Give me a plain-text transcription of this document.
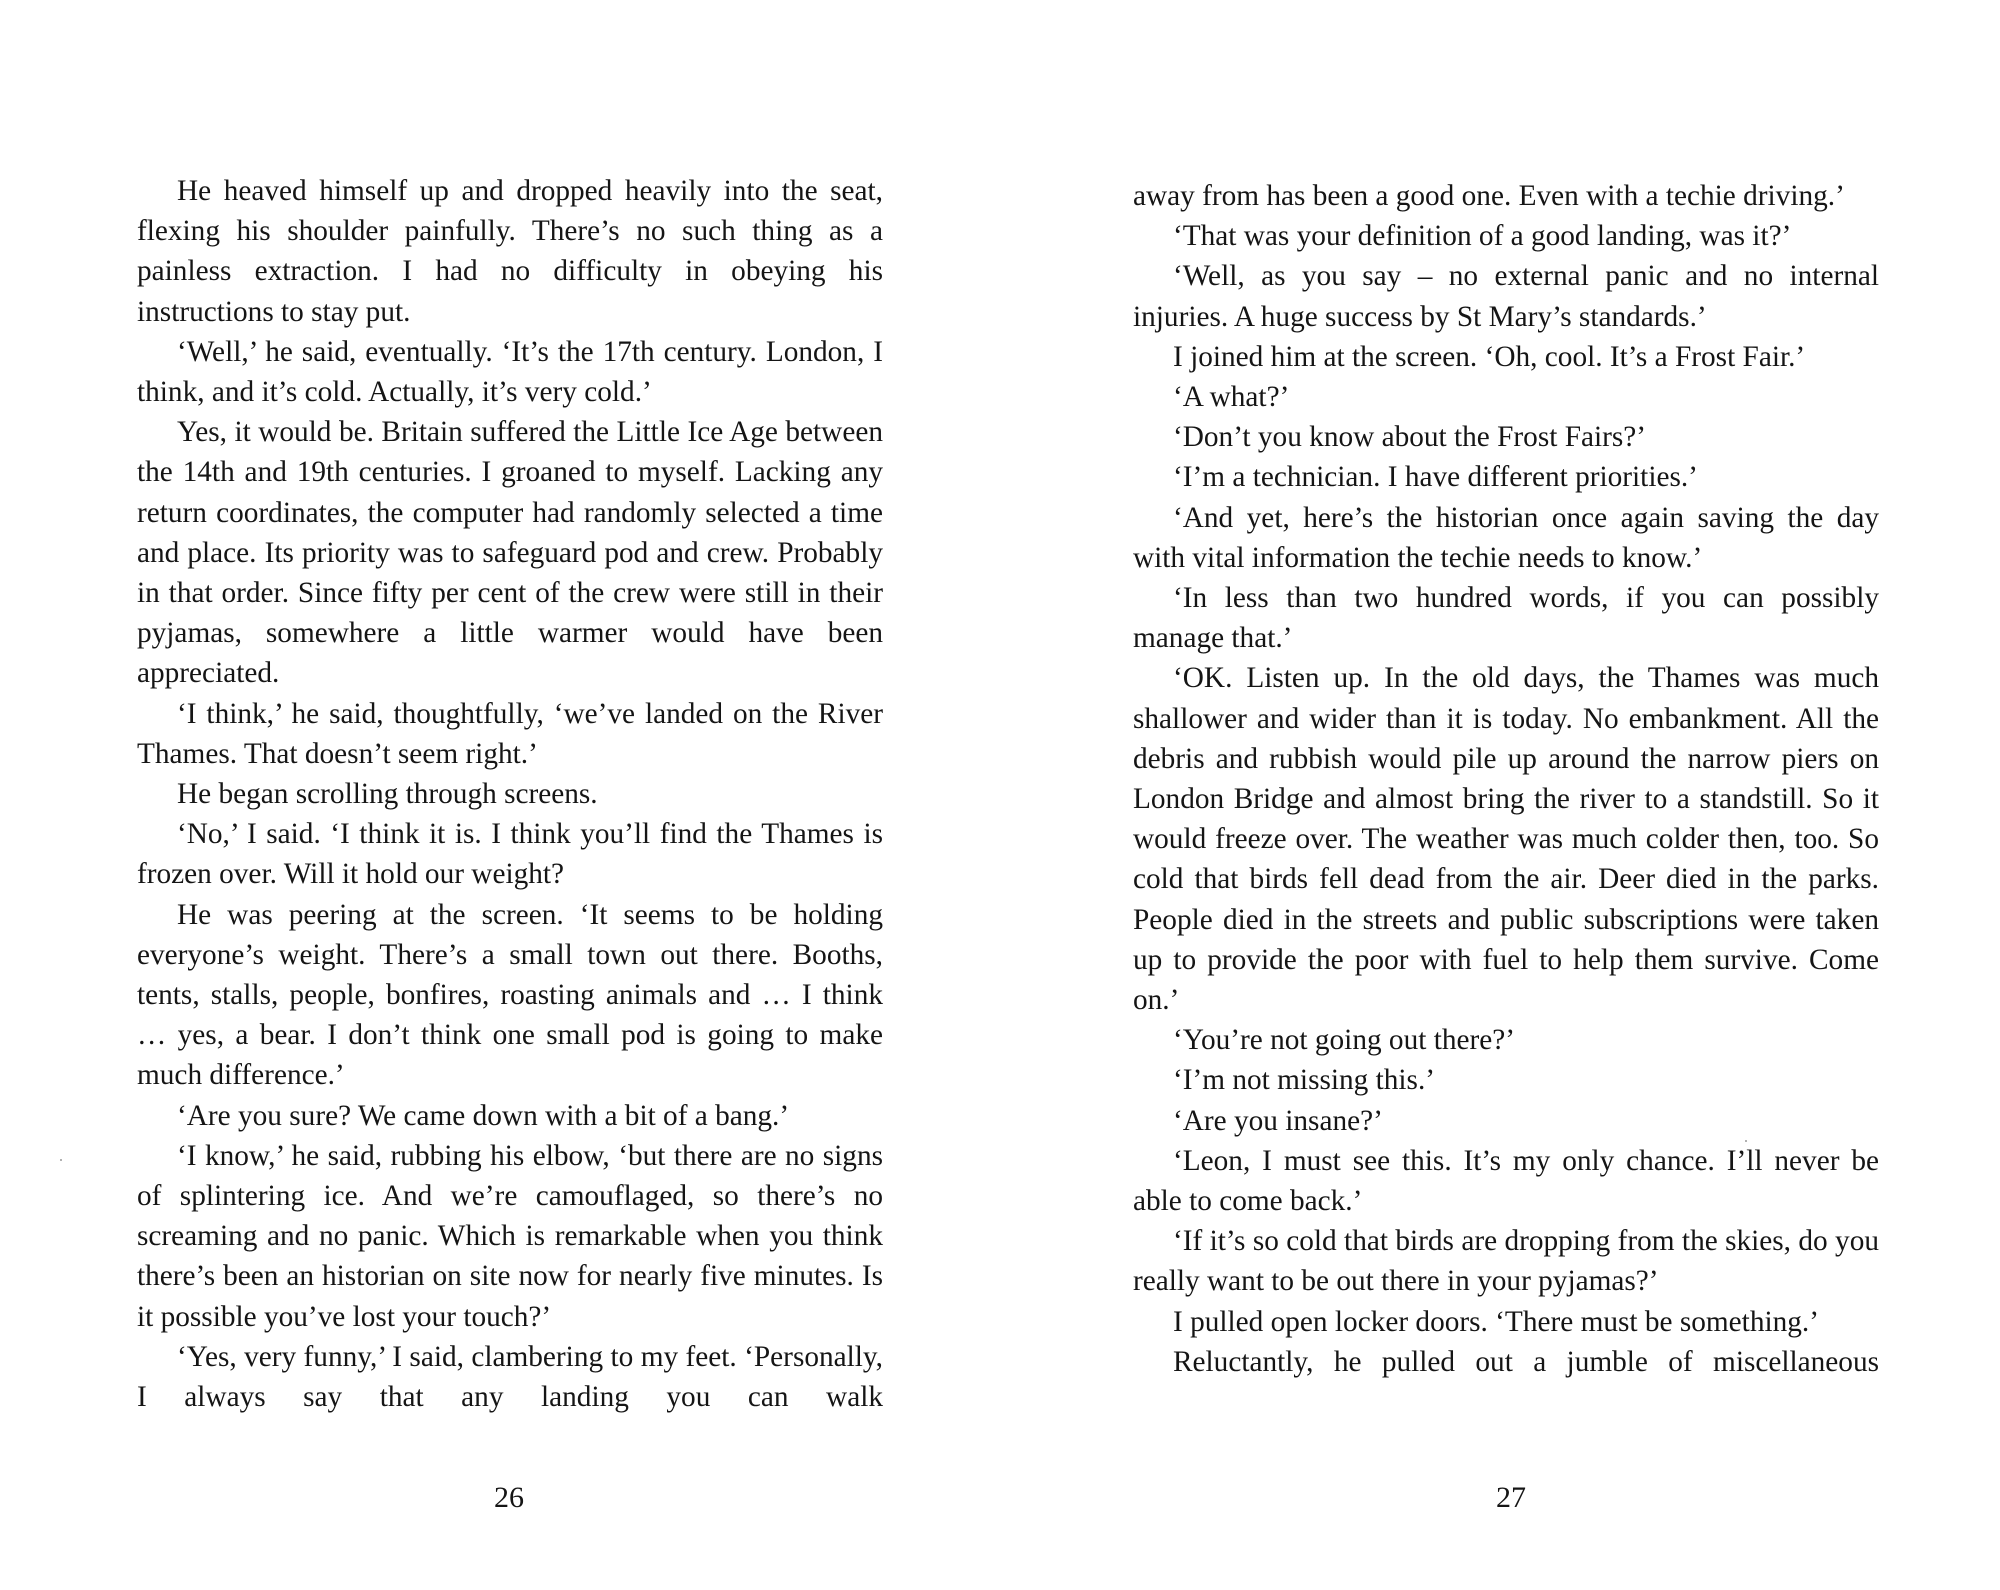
He heaved himself up and dropped heavily into the seat, flexing his shoulder painfully. There’s no such thing as a painless extraction. I had no difficulty in obeying his instructions to stay put.

‘Well,’ he said, eventually. ‘It’s the 17th century. London, I think, and it’s cold. Actually, it’s very cold.’

Yes, it would be. Britain suffered the Little Ice Age between the 14th and 19th centuries. I groaned to myself. Lacking any return coordinates, the computer had randomly selected a time and place. Its priority was to safeguard pod and crew. Probably in that order. Since fifty per cent of the crew were still in their pyjamas, somewhere a little warmer would have been appreciated.

‘I think,’ he said, thoughtfully, ‘we’ve landed on the River Thames. That doesn’t seem right.’

He began scrolling through screens.

‘No,’ I said. ‘I think it is. I think you’ll find the Thames is frozen over. Will it hold our weight?

He was peering at the screen. ‘It seems to be holding everyone’s weight. There’s a small town out there. Booths, tents, stalls, people, bonfires, roasting animals and … I think … yes, a bear. I don’t think one small pod is going to make much difference.’

‘Are you sure? We came down with a bit of a bang.’

‘I know,’ he said, rubbing his elbow, ‘but there are no signs of splintering ice. And we’re camouflaged, so there’s no screaming and no panic. Which is remarkable when you think there’s been an historian on site now for nearly five minutes. Is it possible you’ve lost your touch?’

‘Yes, very funny,’ I said, clambering to my feet. ‘Personally, I always say that any landing you can walk

26

away from has been a good one. Even with a techie driving.’

‘That was your definition of a good landing, was it?’

‘Well, as you say – no external panic and no internal injuries. A huge success by St Mary’s standards.’

I joined him at the screen. ‘Oh, cool. It’s a Frost Fair.’

‘A what?’

‘Don’t you know about the Frost Fairs?’

‘I’m a technician. I have different priorities.’

‘And yet, here’s the historian once again saving the day with vital information the techie needs to know.’

‘In less than two hundred words, if you can possibly manage that.’

‘OK. Listen up. In the old days, the Thames was much shallower and wider than it is today. No embankment. All the debris and rubbish would pile up around the narrow piers on London Bridge and almost bring the river to a standstill. So it would freeze over. The weather was much colder then, too. So cold that birds fell dead from the air. Deer died in the parks. People died in the streets and public subscriptions were taken up to provide the poor with fuel to help them survive. Come on.’

‘You’re not going out there?’

‘I’m not missing this.’

‘Are you insane?’

‘Leon, I must see this. It’s my only chance. I’ll never be able to come back.’

‘If it’s so cold that birds are dropping from the skies, do you really want to be out there in your pyjamas?’

I pulled open locker doors. ‘There must be something.’

Reluctantly, he pulled out a jumble of miscellaneous

27
